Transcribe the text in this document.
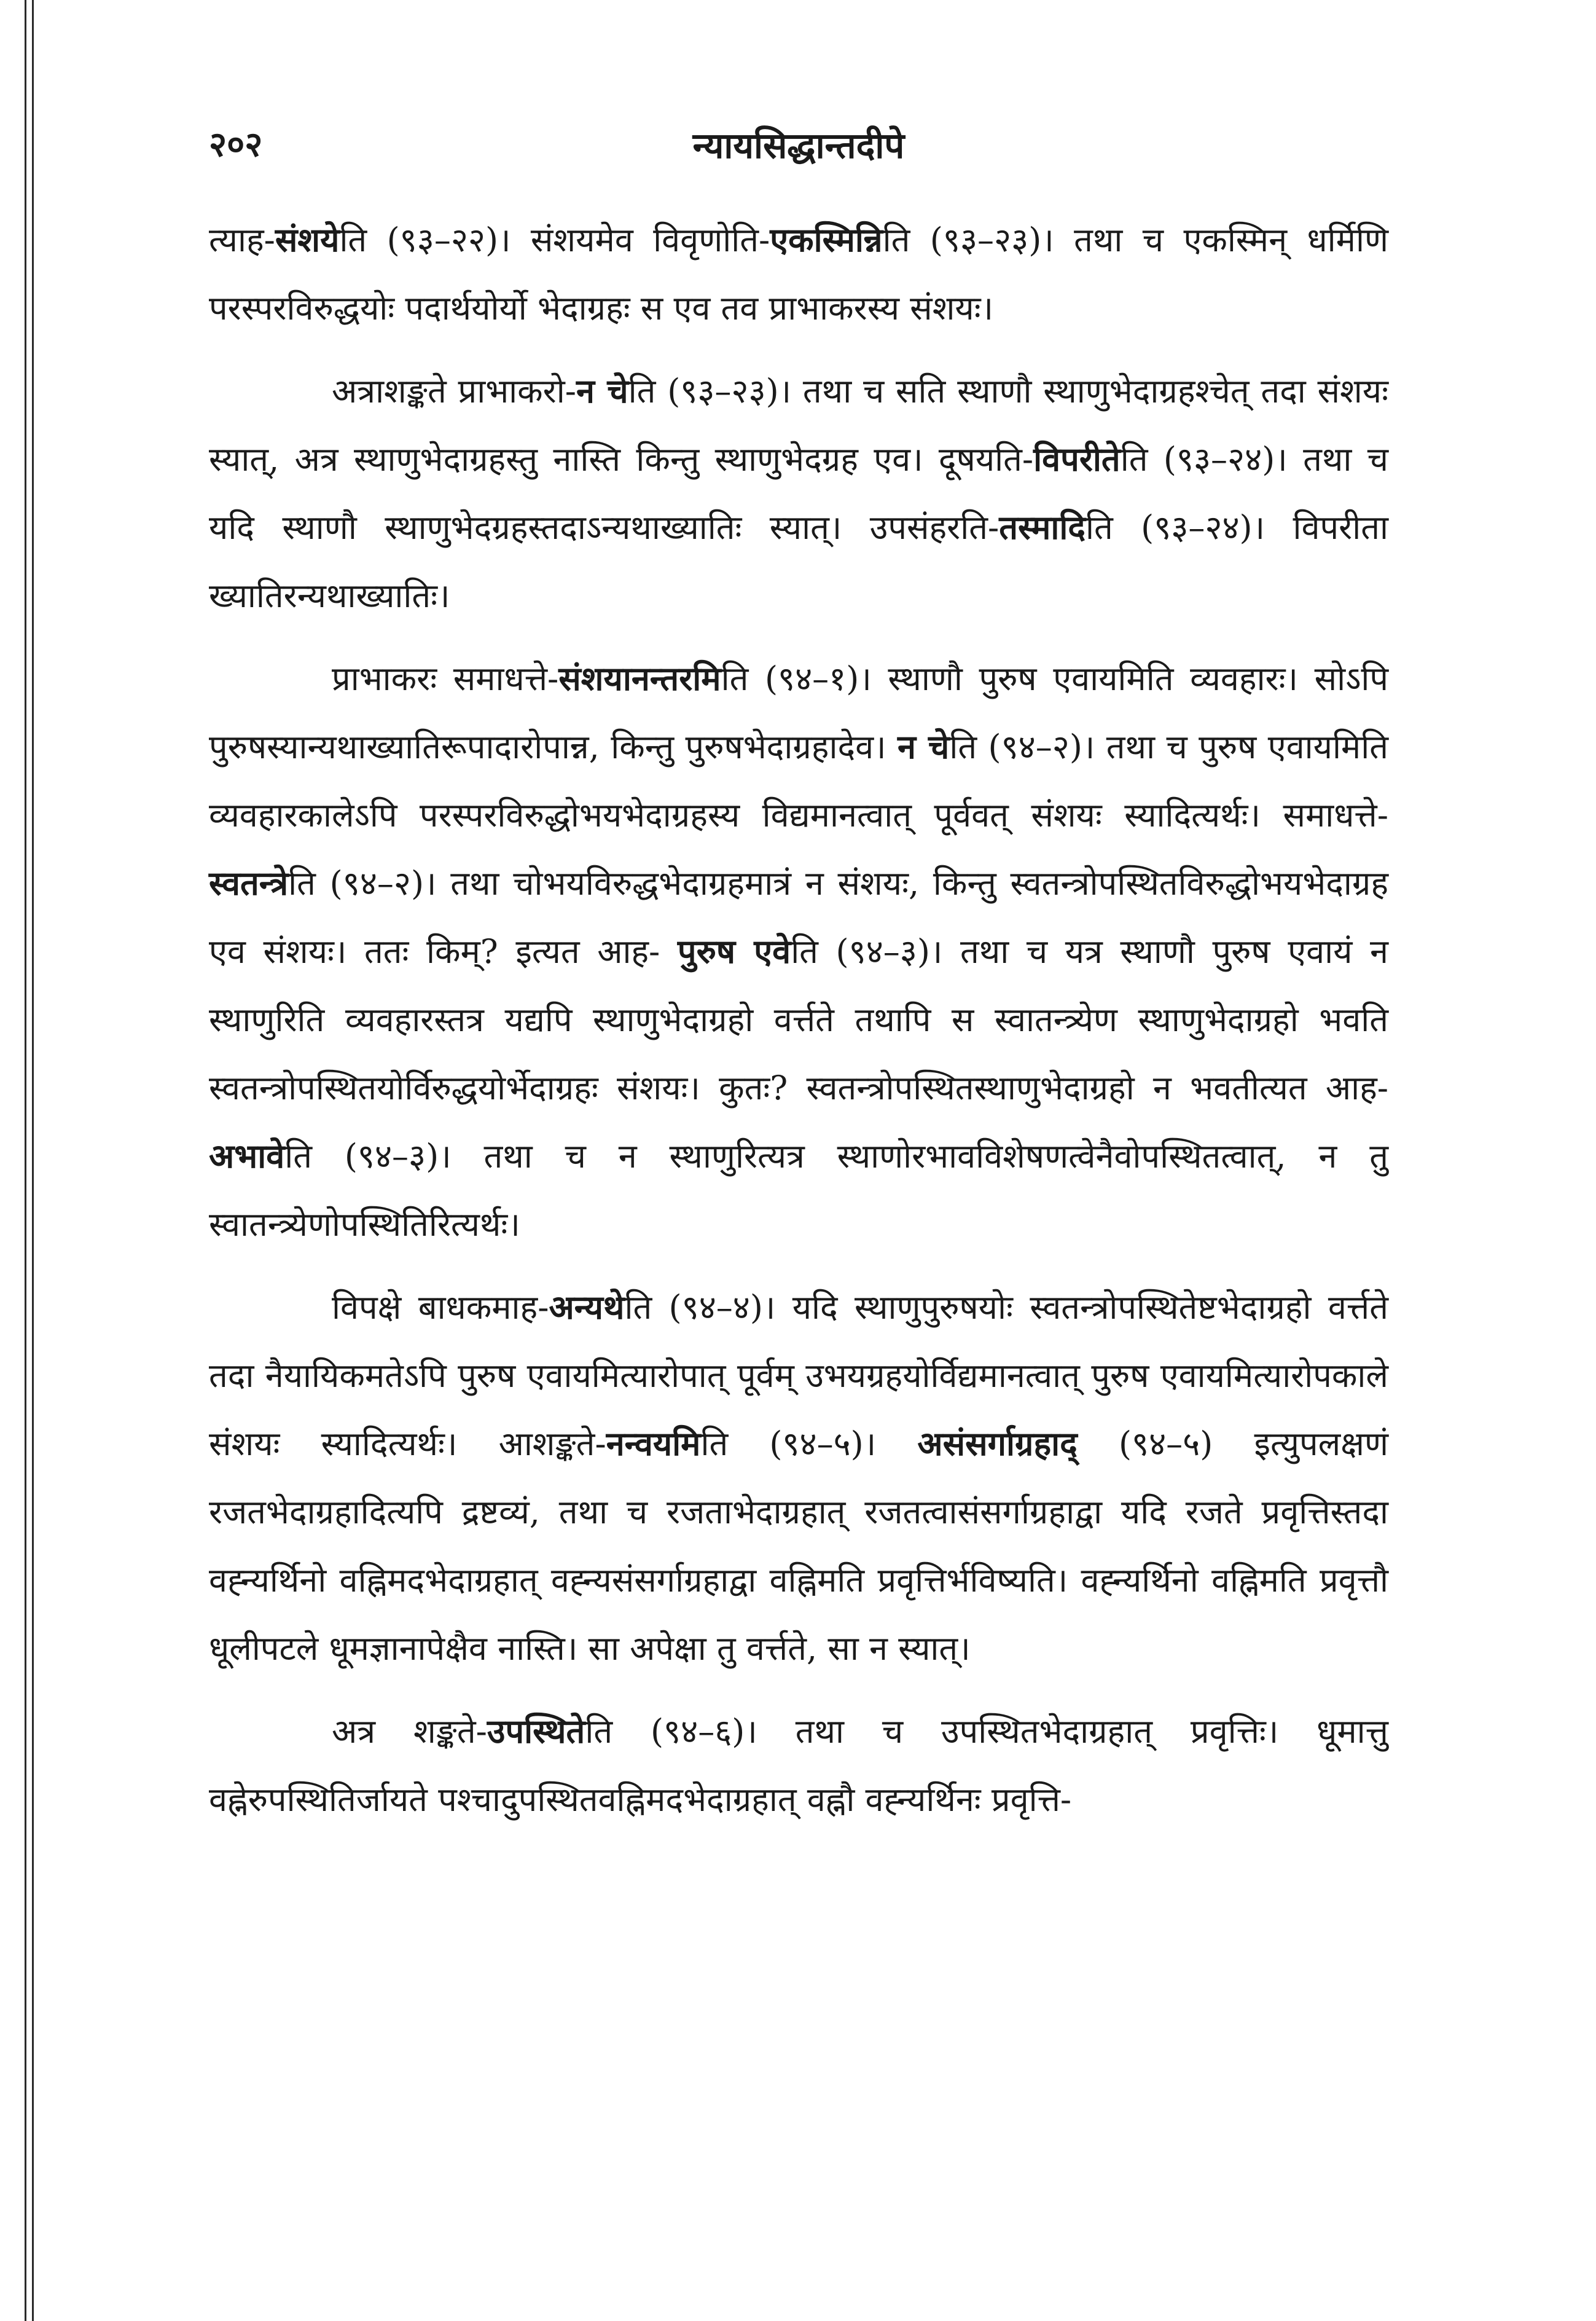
२०२	न्यायसिद्धान्तदीपे

त्याह-संशयेति (९३–२२)। संशयमेव विवृणोति-एकस्मिन्निति (९३–२३)। तथा च एकस्मिन् धर्मिणि परस्परविरुद्धयोः पदार्थयोर्यो भेदाग्रहः स एव तव प्राभाकरस्य संशयः।

अत्राशङ्कते प्राभाकरो-न चेति (९३–२३)। तथा च सति स्थाणौ स्थाणुभेदाग्रहश्चेत् तदा संशयः स्यात्, अत्र स्थाणुभेदाग्रहस्तु नास्ति किन्तु स्थाणुभेदग्रह एव। दूषयति-विपरीतेति (९३–२४)। तथा च यदि स्थाणौ स्थाणुभेदग्रहस्तदाऽन्यथाख्यातिः स्यात्। उपसंहरति-तस्मादिति (९३–२४)। विपरीता ख्यातिरन्यथाख्यातिः।

प्राभाकरः समाधत्ते-संशयानन्तरमिति (९४–१)। स्थाणौ पुरुष एवायमिति व्यवहारः। सोऽपि पुरुषस्यान्यथाख्यातिरूपादारोपान्न, किन्तु पुरुषभेदाग्रहादेव। न चेति (९४–२)। तथा च पुरुष एवायमिति व्यवहारकालेऽपि परस्परविरुद्धोभयभेदाग्रहस्य विद्यमानत्वात् पूर्ववत् संशयः स्यादित्यर्थः। समाधत्ते-स्वतन्त्रेति (९४–२)। तथा चोभयविरुद्धभेदाग्रहमात्रं न संशयः, किन्तु स्वतन्त्रोपस्थितविरुद्धोभयभेदाग्रह एव संशयः। ततः किम्? इत्यत आह- पुरुष एवेति (९४–३)। तथा च यत्र स्थाणौ पुरुष एवायं न स्थाणुरिति व्यवहारस्तत्र यद्यपि स्थाणुभेदाग्रहो वर्त्तते तथापि स स्वातन्त्र्येण स्थाणुभेदाग्रहो भवति स्वतन्त्रोपस्थितयोर्विरुद्धयोर्भेदाग्रहः संशयः। कुतः? स्वतन्त्रोपस्थितस्थाणुभेदाग्रहो न भवतीत्यत आह-अभावेति (९४–३)। तथा च न स्थाणुरित्यत्र स्थाणोरभावविशेषणत्वेनैवोपस्थितत्वात्, न तु स्वातन्त्र्येणोपस्थितिरित्यर्थः।

विपक्षे बाधकमाह-अन्यथेति (९४–४)। यदि स्थाणुपुरुषयोः स्वतन्त्रोपस्थितेष्टभेदाग्रहो वर्त्तते तदा नैयायिकमतेऽपि पुरुष एवायमित्यारोपात् पूर्वम् उभयग्रहयोर्विद्यमानत्वात् पुरुष एवायमित्यारोपकाले संशयः स्यादित्यर्थः। आशङ्कते-नन्वयमिति (९४–५)। असंसर्गाग्रहाद् (९४–५) इत्युपलक्षणं रजतभेदाग्रहादित्यपि द्रष्टव्यं, तथा च रजताभेदाग्रहात् रजतत्वासंसर्गाग्रहाद्वा यदि रजते प्रवृत्तिस्तदा वह्न्यर्थिनो वह्निमदभेदाग्रहात् वह्न्यसंसर्गाग्रहाद्वा वह्निमति प्रवृत्तिर्भविष्यति। वह्न्यर्थिनो वह्निमति प्रवृत्तौ धूलीपटले धूमज्ञानापेक्षैव नास्ति। सा अपेक्षा तु वर्त्तते, सा न स्यात्।

अत्र शङ्कते-उपस्थितेति (९४–६)। तथा च उपस्थितभेदाग्रहात् प्रवृत्तिः। धूमात्तु वह्नेरुपस्थितिर्जायते पश्चादुपस्थितवह्निमदभेदाग्रहात् वह्नौ वह्न्यर्थिनः प्रवृत्ति-
